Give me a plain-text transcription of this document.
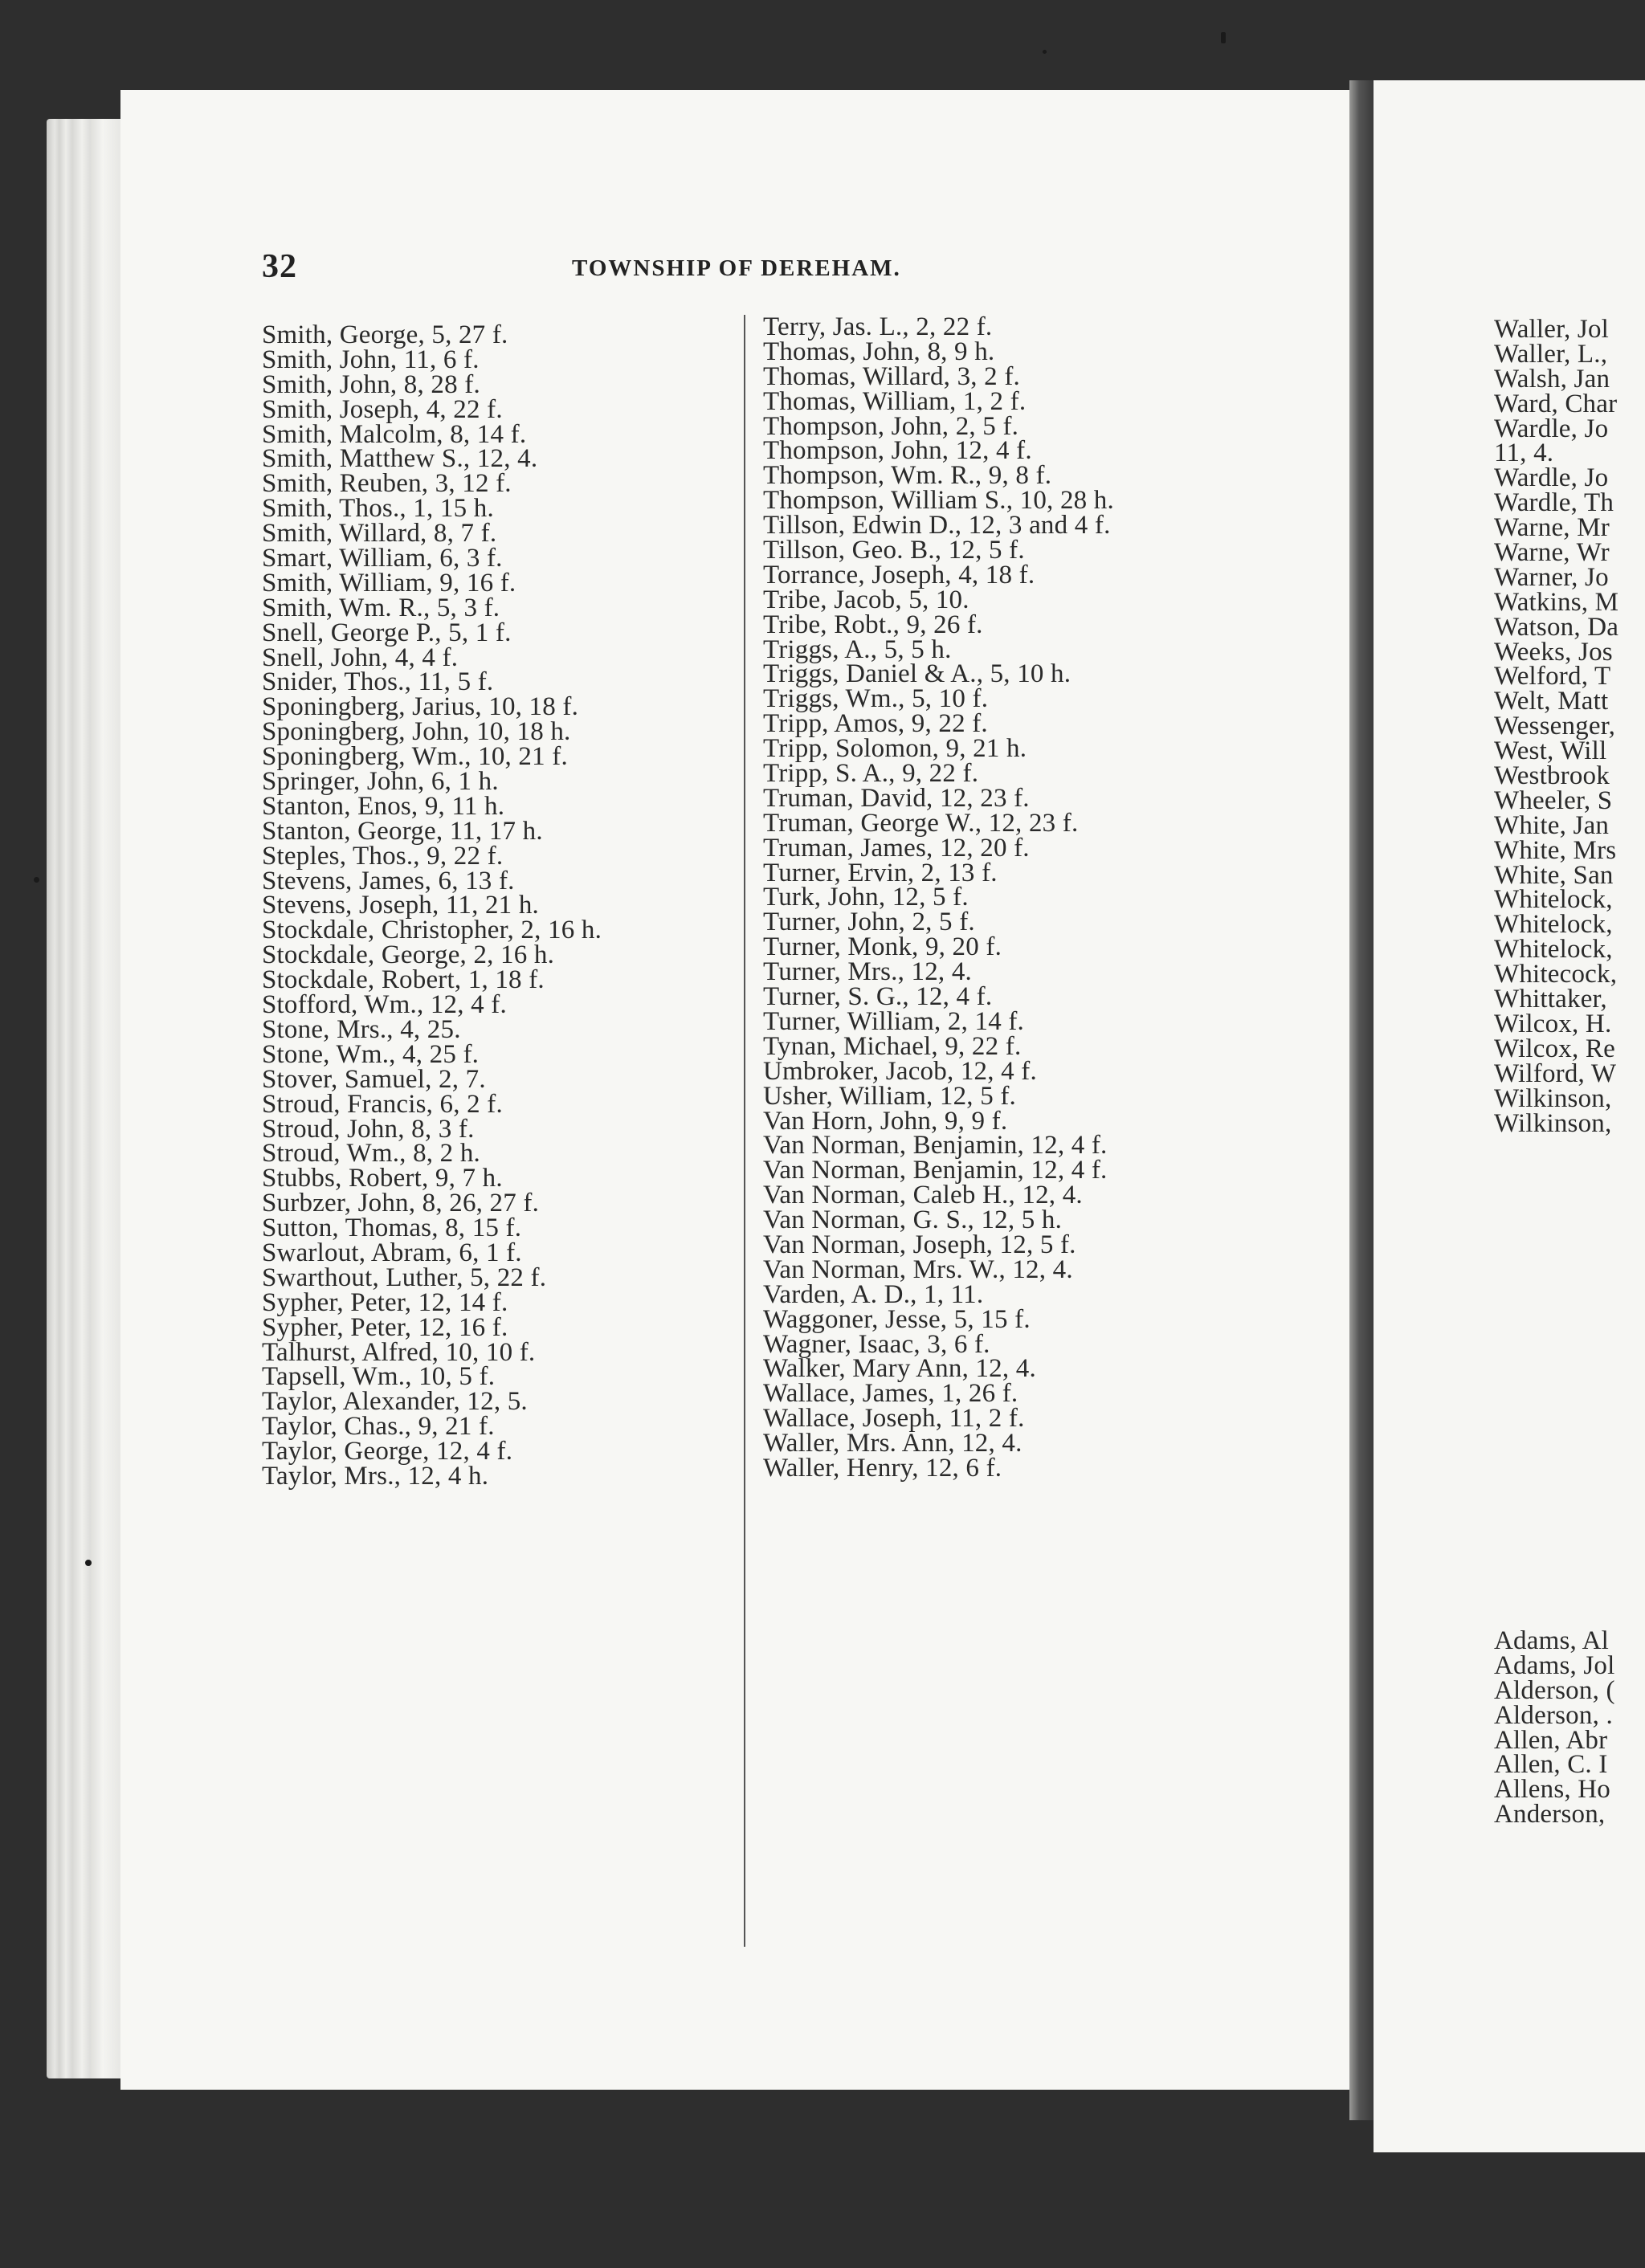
32	TOWNSHIP OF DEREHAM.
Smith, George, 5, 27 f.
Smith, John, 11, 6 f.
Smith, John, 8, 28 f.
Smith, Joseph, 4, 22 f.
Smith, Malcolm, 8, 14 f.
Smith, Matthew S., 12, 4.
Smith, Reuben, 3, 12 f.
Smith, Thos., 1, 15 h.
Smith, Willard, 8, 7 f.
Smart, William, 6, 3 f.
Smith, William, 9, 16 f.
Smith, Wm. R., 5, 3 f.
Snell, George P., 5, 1 f.
Snell, John, 4, 4 f.
Snider, Thos., 11, 5 f.
Sponingberg, Jarius, 10, 18 f.
Sponingberg, John, 10, 18 h.
Sponingberg, Wm., 10, 21 f.
Springer, John, 6, 1 h.
Stanton, Enos, 9, 11 h.
Stanton, George, 11, 17 h.
Steples, Thos., 9, 22 f.
Stevens, James, 6, 13 f.
Stevens, Joseph, 11, 21 h.
Stockdale, Christopher, 2, 16 h.
Stockdale, George, 2, 16 h.
Stockdale, Robert, 1, 18 f.
Stofford, Wm., 12, 4 f.
Stone, Mrs., 4, 25.
Stone, Wm., 4, 25 f.
Stover, Samuel, 2, 7.
Stroud, Francis, 6, 2 f.
Stroud, John, 8, 3 f.
Stroud, Wm., 8, 2 h.
Stubbs, Robert, 9, 7 h.
Surbzer, John, 8, 26, 27 f.
Sutton, Thomas, 8, 15 f.
Swarlout, Abram, 6, 1 f.
Swarthout, Luther, 5, 22 f.
Sypher, Peter, 12, 14 f.
Sypher, Peter, 12, 16 f.
Talhurst, Alfred, 10, 10 f.
Tapsell, Wm., 10, 5 f.
Taylor, Alexander, 12, 5.
Taylor, Chas., 9, 21 f.
Taylor, George, 12, 4 f.
Taylor, Mrs., 12, 4 h.
Terry, Jas. L., 2, 22 f.
Thomas, John, 8, 9 h.
Thomas, Willard, 3, 2 f.
Thomas, William, 1, 2 f.
Thompson, John, 2, 5 f.
Thompson, John, 12, 4 f.
Thompson, Wm. R., 9, 8 f.
Thompson, William S., 10, 28 h.
Tillson, Edwin D., 12, 3 and 4 f.
Tillson, Geo. B., 12, 5 f.
Torrance, Joseph, 4, 18 f.
Tribe, Jacob, 5, 10.
Tribe, Robt., 9, 26 f.
Triggs, A., 5, 5 h.
Triggs, Daniel & A., 5, 10 h.
Triggs, Wm., 5, 10 f.
Tripp, Amos, 9, 22 f.
Tripp, Solomon, 9, 21 h.
Tripp, S. A., 9, 22 f.
Truman, David, 12, 23 f.
Truman, George W., 12, 23 f.
Truman, James, 12, 20 f.
Turner, Ervin, 2, 13 f.
Turk, John, 12, 5 f.
Turner, John, 2, 5 f.
Turner, Monk, 9, 20 f.
Turner, Mrs., 12, 4.
Turner, S. G., 12, 4 f.
Turner, William, 2, 14 f.
Tynan, Michael, 9, 22 f.
Umbroker, Jacob, 12, 4 f.
Usher, William, 12, 5 f.
Van Horn, John, 9, 9 f.
Van Norman, Benjamin, 12, 4 f.
Van Norman, Benjamin, 12, 4 f.
Van Norman, Caleb H., 12, 4.
Van Norman, G. S., 12, 5 h.
Van Norman, Joseph, 12, 5 f.
Van Norman, Mrs. W., 12, 4.
Varden, A. D., 1, 11.
Waggoner, Jesse, 5, 15 f.
Wagner, Isaac, 3, 6 f.
Walker, Mary Ann, 12, 4.
Wallace, James, 1, 26 f.
Wallace, Joseph, 11, 2 f.
Waller, Mrs. Ann, 12, 4.
Waller, Henry, 12, 6 f.
Waller, Jol
Waller, L.,
Walsh, Jan
Ward, Char
Wardle, Jo
11, 4.
Wardle, Jo
Wardle, Th
Warne, Mr
Warne, Wr
Warner, Jo
Watkins, M
Watson, Da
Weeks, Jos
Welford, T
Welt, Matt
Wessenger,
West, Will
Westbrook
Wheeler, S
White, Jan
White, Mrs
White, San
Whitelock,
Whitelock,
Whitelock,
Whitecock,
Whittaker,
Wilcox, H.
Wilcox, Re
Wilford, W
Wilkinson,
Wilkinson,
Adams, Al
Adams, Jol
Alderson, (
Alderson, .
Allen, Abr
Allen, C. I
Allens, Ho
Anderson,
